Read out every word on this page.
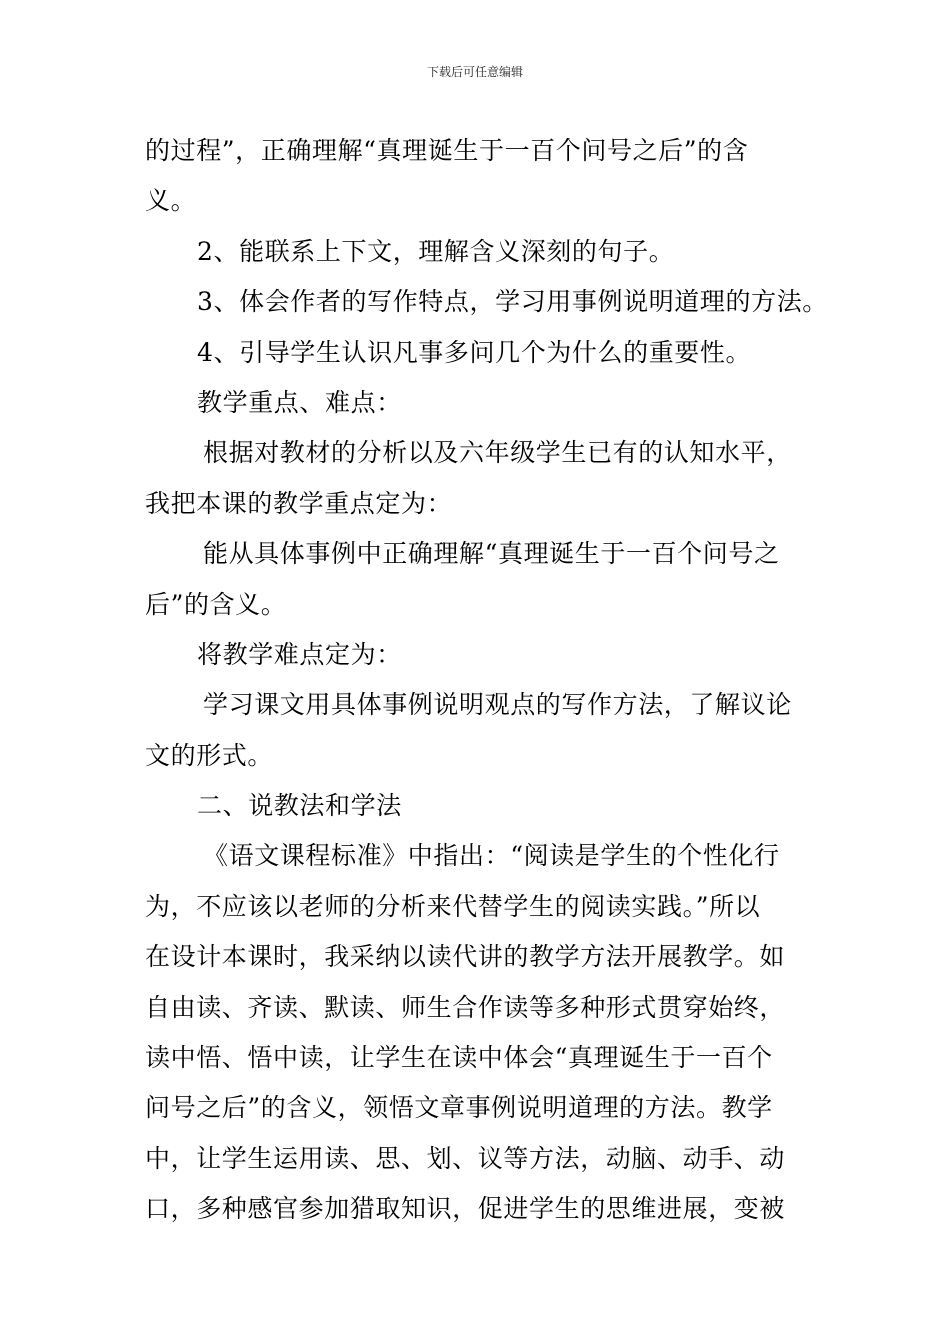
下载后可任意编辑
的过程”，正确理解“真理诞生于一百个问号之后”的含
义。
2、能联系上下文，理解含义深刻的句子。
3、体会作者的写作特点，学习用事例说明道理的方法。
4、引导学生认识凡事多问几个为什么的重要性。
教学重点、难点：
根据对教材的分析以及六年级学生已有的认知水平，
我把本课的教学重点定为：
能从具体事例中正确理解“真理诞生于一百个问号之
后”的含义。
将教学难点定为：
学习课文用具体事例说明观点的写作方法，了解议论
文的形式。
二、说教法和学法
《语文课程标准》中指出：“阅读是学生的个性化行
为，不应该以老师的分析来代替学生的阅读实践。”所以
在设计本课时，我采纳以读代讲的教学方法开展教学。如
自由读、齐读、默读、师生合作读等多种形式贯穿始终，
读中悟、悟中读，让学生在读中体会“真理诞生于一百个
问号之后”的含义，领悟文章事例说明道理的方法。教学
中，让学生运用读、思、划、议等方法，动脑、动手、动
口，多种感官参加猎取知识，促进学生的思维进展，变被
